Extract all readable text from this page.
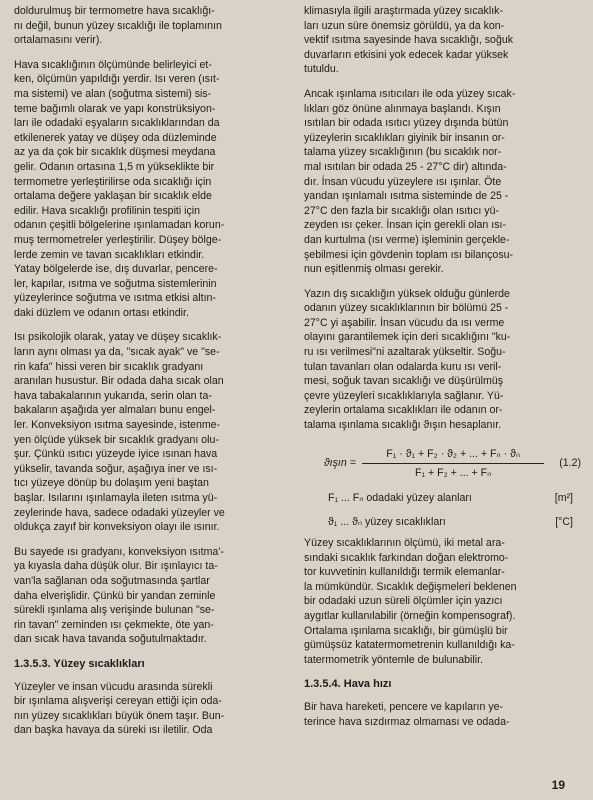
doldurulmuş bir termometre hava sıcaklığı-
nı değil, bunun yüzey sıcaklığı ile toplamının
ortalamasını verir).

Hava sıcaklığının ölçümünde belirleyici et-
ken, ölçümün yapıldığı yerdir. Isı veren (ısıt-
ma sistemi) ve alan (soğutma sistemi) sis-
teme bağımlı olarak ve yapı konstrüksiyon-
ları ile odadaki eşyaların sıcaklıklarından da
etkilenerek yatay ve düşey oda düzleminde
az ya da çok bir sıcaklık düşmesi meydana
gelir. Odanın ortasına 1,5 m yükseklikte bir
termometre yerleştirilirse oda sıcaklığı için
ortalama değere yaklaşan bir sıcaklık elde
edilir. Hava sıcaklığı profilinin tespiti için
odanın çeşitli bölgelerine ışınlamadan korun-
muş termometreler yerleştirilir. Düşey bölge-
lerde zemin ve tavan sıcaklıkları etkindir.
Yatay bölgelerde ise, dış duvarlar, pencere-
ler, kapılar, ısıtma ve soğutma sistemlerinin
yüzeylerince soğutma ve ısıtma etkisi altın-
daki düzlem ve odanın ortası etkindir.

Isı psikolojik olarak, yatay ve düşey sıcaklık-
ların aynı olması ya da, "sıcak ayak" ve "se-
rin kafa" hissi veren bir sıcaklık gradyanı
aranılan husustur. Bir odada daha sıcak olan
hava tabakalarının yukarıda, serin olan ta-
bakaların aşağıda yer almaları bunu engel-
ler. Konveksiyon ısıtma sayesinde, istenme-
yen ölçüde yüksek bir sıcaklık gradyanı olu-
şur. Çünkü ısıtıcı yüzeyde iyice ısınan hava
yükselir, tavanda soğur, aşağıya iner ve ısı-
tıcı yüzeye dönüp bu dolaşım yeni baştan
başlar. Isılarını ışınlamayla ileten ısıtma yü-
zeylerinde hava, sadece odadaki yüzeyler ve
oldukça zayıf bir konveksiyon olayı ile ısınır.

Bu sayede ısı gradyanı, konveksiyon ısıtma'-
ya kıyasla daha düşük olur. Bir ışınlayıcı ta-
van'la sağlanan oda soğutmasında şartlar
daha elverişlidir. Çünkü bir yandan zeminle
sürekli ışınlama alış verişinde bulunan "se-
rin tavan" zeminden ısı çekmekte, öte yan-
dan sıcak hava tavanda soğutulmaktadır.

1.3.5.3. Yüzey sıcaklıkları

Yüzeyler ve insan vücudu arasında sürekli
bir ışınlama alışverişi cereyan ettiği için oda-
nın yüzey sıcaklıkları büyük önem taşır. Bun-
dan başka havaya da süreki ısı iletilir. Oda

klimasıyla ilgili araştırmada yüzey sıcaklık-
ları uzun süre önemsiz görüldü, ya da kon-
vektif ısıtma sayesinde hava sıcaklığı, soğuk
duvarların etkisini yok edecek kadar yüksek
tutuldu.

Ancak ışınlama ısıtıcıları ile oda yüzey sıcak-
lıkları göz önüne alınmaya başlandı. Kışın
ısıtılan bir odada ısıtıcı yüzey dışında bütün
yüzeylerin sıcaklıkları giyinik bir insanın or-
talama yüzey sıcaklığının (bu sıcaklık nor-
mal ısıtılan bir odada 25 - 27°C dir) altında-
dır. İnsan vücudu yüzeylere ısı ışınlar. Öte
yandan ışınlamalı ısıtma sisteminde de 25 -
27°C den fazla bir sıcaklığı olan ısıtıcı yü-
zeyden ısı çeker. İnsan için gerekli olan ısı-
dan kurtulma (ısı verme) işleminin gerçekle-
şebilmesi için gövdenin toplam ısı bilançosu-
nun eşitlenmiş olması gerekir.

Yazın dış sıcaklığın yüksek olduğu günlerde
odanın yüzey sıcaklıklarının bir bölümü 25 -
27°C yi aşabilir. İnsan vücudu da ısı verme
olayını garantilemek için deri sıcaklığını "ku-
ru ısı verilmesi"ni azaltarak yükseltir. Soğu-
tulan tavanları olan odalarda kuru ısı veril-
mesi, soğuk tavan sıcaklığı ve düşürülmüş
çevre yüzeyleri sıcaklıklarıyla sağlanır. Yü-
zeylerin ortalama sıcaklıkları ile odanın or-
talama ışınlama sıcaklığı ϑışın hesaplanır.

ϑışın = $\frac{\text{F₁ · ϑ₁ + F₂ · ϑ₂ + ... + Fₙ · ϑₙ}}{\text{F₁ + F₂ + ... + Fₙ}}$	(1.2)
F₁ ... Fₙ odadaki yüzey alanları	[m²]
ϑ₁ ... ϑₙ yüzey sıcaklıkları	[°C]

Yüzey sıcaklıklarının ölçümü, iki metal ara-
sındaki sıcaklık farkından doğan elektromo-
tor kuvvetinin kullanıldığı termik elemanlar-
la mümkündür. Sıcaklık değişmeleri beklenen
bir odadaki uzun süreli ölçümler için yazıcı
aygıtlar kullanılabilir (örneğin kompensograf).
Ortalama ışınlama sıcaklığı, bir gümüşlü bir
gümüşsüz katatermometrenin kullanıldığı ka-
tatermometrik yöntemle de bulunabilir.

1.3.5.4. Hava hızı

Bir hava hareketi, pencere ve kapıların ye-
terince hava sızdırmaz olmaması ve odada-

19
